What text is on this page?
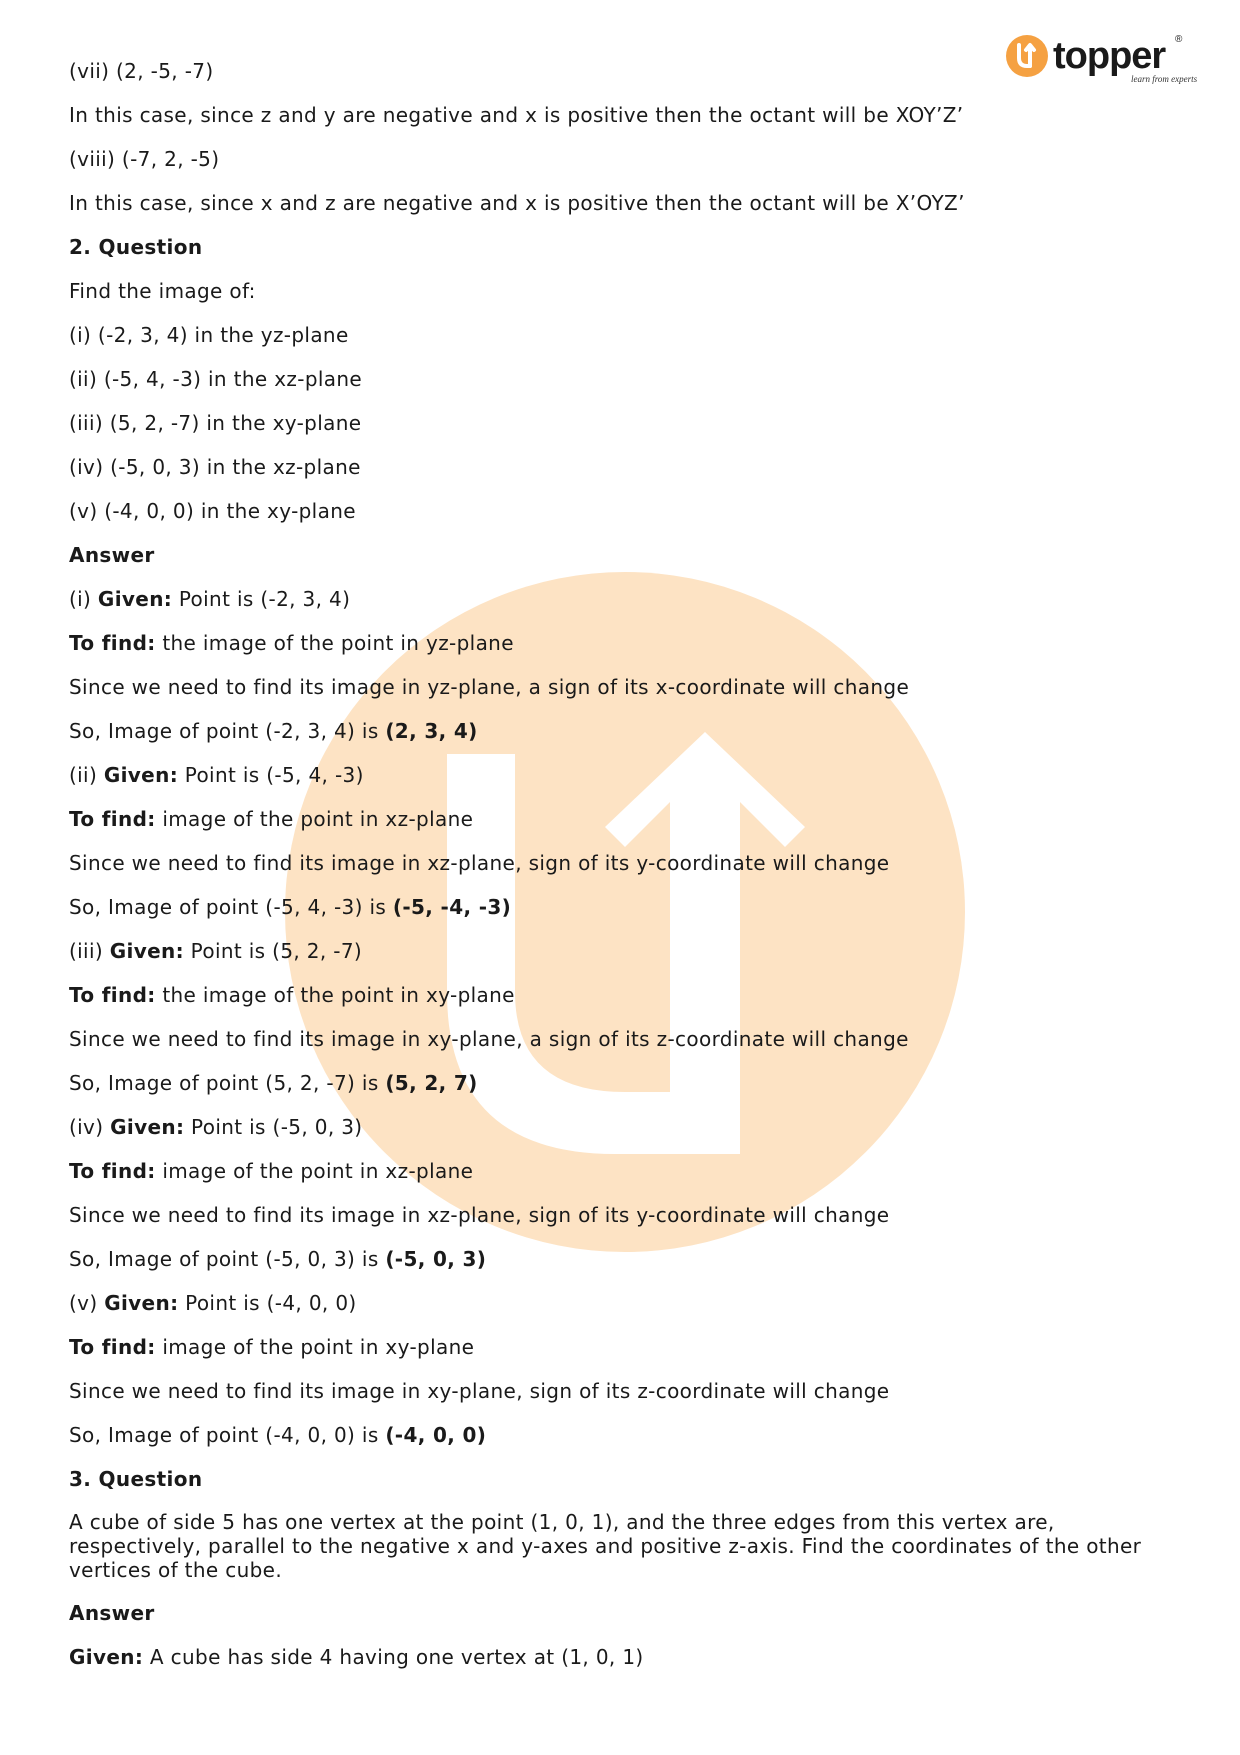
topper
learn from experts
®
(vii) (2, -5, -7)
In this case, since z and y are negative and x is positive then the octant will be XOY’Z’
(viii) (-7, 2, -5)
In this case, since x and z are negative and x is positive then the octant will be X’OYZ’
2. Question
Find the image of:
(i) (-2, 3, 4) in the yz-plane
(ii) (-5, 4, -3) in the xz-plane
(iii) (5, 2, -7) in the xy-plane
(iv) (-5, 0, 3) in the xz-plane
(v) (-4, 0, 0) in the xy-plane
Answer
(i) Given: Point is (-2, 3, 4)
To find: the image of the point in yz-plane
Since we need to find its image in yz-plane, a sign of its x-coordinate will change
So, Image of point (-2, 3, 4) is (2, 3, 4)
(ii) Given: Point is (-5, 4, -3)
To find: image of the point in xz-plane
Since we need to find its image in xz-plane, sign of its y-coordinate will change
So, Image of point (-5, 4, -3) is (-5, -4, -3)
(iii) Given: Point is (5, 2, -7)
To find: the image of the point in xy-plane
Since we need to find its image in xy-plane, a sign of its z-coordinate will change
So, Image of point (5, 2, -7) is (5, 2, 7)
(iv) Given: Point is (-5, 0, 3)
To find: image of the point in xz-plane
Since we need to find its image in xz-plane, sign of its y-coordinate will change
So, Image of point (-5, 0, 3) is (-5, 0, 3)
(v) Given: Point is (-4, 0, 0)
To find: image of the point in xy-plane
Since we need to find its image in xy-plane, sign of its z-coordinate will change
So, Image of point (-4, 0, 0) is (-4, 0, 0)
3. Question
A cube of side 5 has one vertex at the point (1, 0, 1), and the three edges from this vertex are, respectively, parallel to the negative x and y-axes and positive z-axis. Find the coordinates of the other vertices of the cube.
Answer
Given: A cube has side 4 having one vertex at (1, 0, 1)
